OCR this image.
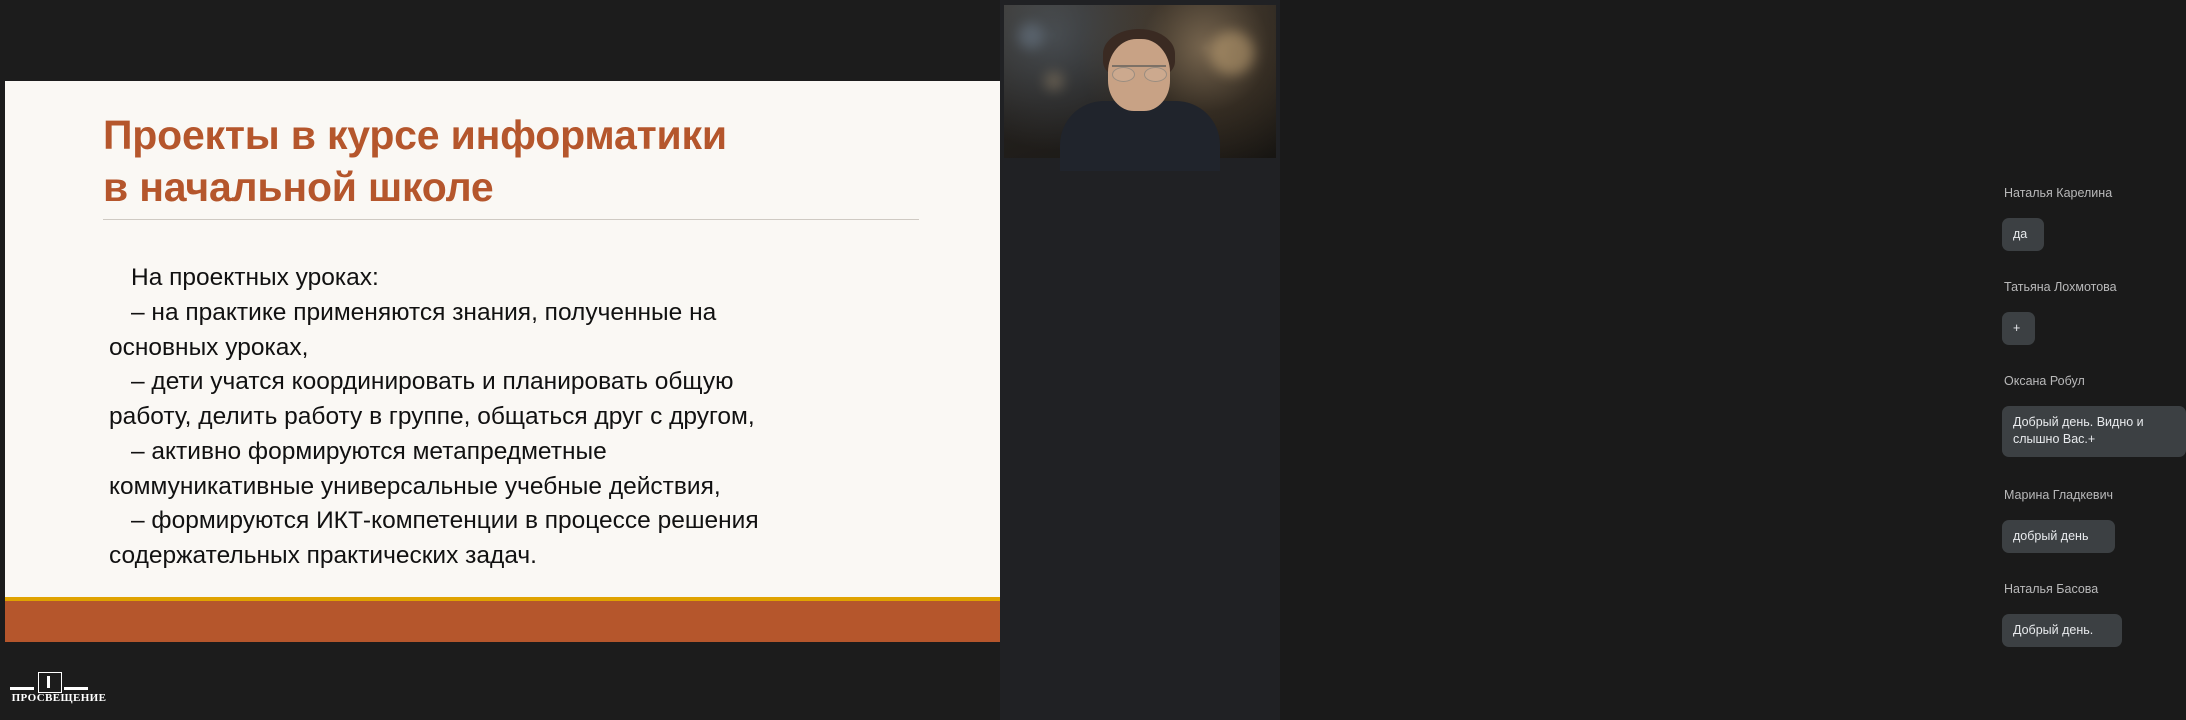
Проекты в курсе информатики
в начальной школе
На проектных уроках:
– на практике применяются знания, полученные на
основных уроках,
– дети учатся координировать и планировать общую
работу, делить работу в группе, общаться друг с другом,
– активно формируются метапредметные
коммуникативные универсальные учебные действия,
– формируются ИКТ-компетенции в процессе решения
содержательных практических задач.
ПРОСВЕЩЕНИЕ
Наталья Карелина
да
Татьяна Лохмотова
+
Оксана Робул
Добрый день. Видно и слышно Вас.+
Марина Гладкевич
добрый день
Наталья Басова
Добрый день.
